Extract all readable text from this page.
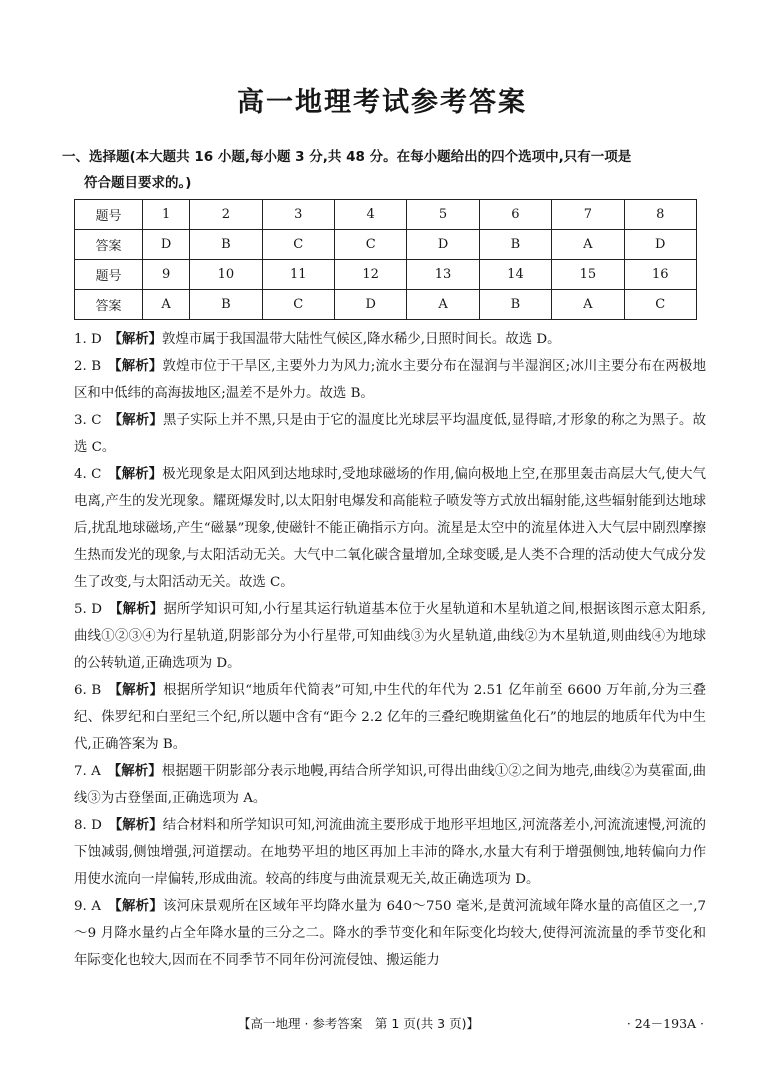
高一地理考试参考答案

一、选择题(本大题共 16 小题,每小题 3 分,共 48 分。在每小题给出的四个选项中,只有一项是
符合题目要求的。)

题号	1	2	3	4	5	6	7	8
答案	D	B	C	C	D	B	A	D
题号	9	10	11	12	13	14	15	16
答案	A	B	C	D	A	B	A	C

1. D　 【解析】敦煌市属于我国温带大陆性气候区,降水稀少,日照时间长。故选 D。

2. B　 【解析】敦煌市位于干旱区,主要外力为风力;流水主要分布在湿润与半湿润区;冰川主要分布在两极地区和中低纬的高海拔地区;温差不是外力。故选 B。

3. C　 【解析】黑子实际上并不黑,只是由于它的温度比光球层平均温度低,显得暗,才形象的称之为黑子。故选 C。

4. C　 【解析】极光现象是太阳风到达地球时,受地球磁场的作用,偏向极地上空,在那里轰击高层大气,使大气电离,产生的发光现象。耀斑爆发时,以太阳射电爆发和高能粒子喷发等方式放出辐射能,这些辐射能到达地球后,扰乱地球磁场,产生“磁暴”现象,使磁针不能正确指示方向。流星是太空中的流星体进入大气层中剧烈摩擦生热而发光的现象,与太阳活动无关。大气中二氧化碳含量增加,全球变暖,是人类不合理的活动使大气成分发生了改变,与太阳活动无关。故选 C。

5. D　 【解析】据所学知识可知,小行星其运行轨道基本位于火星轨道和木星轨道之间,根据该图示意太阳系,曲线①②③④为行星轨道,阴影部分为小行星带,可知曲线③为火星轨道,曲线②为木星轨道,则曲线④为地球的公转轨道,正确选项为 D。

6. B　 【解析】根据所学知识“地质年代简表”可知,中生代的年代为 2.51 亿年前至 6600 万年前,分为三叠纪、侏罗纪和白垩纪三个纪,所以题中含有“距今 2.2 亿年的三叠纪晚期鲨鱼化石”的地层的地质年代为中生代,正确答案为 B。

7. A　 【解析】根据题干阴影部分表示地幔,再结合所学知识,可得出曲线①②之间为地壳,曲线②为莫霍面,曲线③为古登堡面,正确选项为 A。

8. D　 【解析】结合材料和所学知识可知,河流曲流主要形成于地形平坦地区,河流落差小,河流流速慢,河流的下蚀减弱,侧蚀增强,河道摆动。在地势平坦的地区再加上丰沛的降水,水量大有利于增强侧蚀,地转偏向力作用使水流向一岸偏转,形成曲流。较高的纬度与曲流景观无关,故正确选项为 D。

9. A　 【解析】该河床景观所在区域年平均降水量为 640～750 毫米,是黄河流域年降水量的高值区之一,7～9 月降水量约占全年降水量的三分之二。降水的季节变化和年际变化均较大,使得河流流量的季节变化和年际变化也较大,因而在不同季节不同年份河流侵蚀、搬运能力

【高一地理 · 参考答案　第 1 页(共 3 页)】	· 24－193A ·
